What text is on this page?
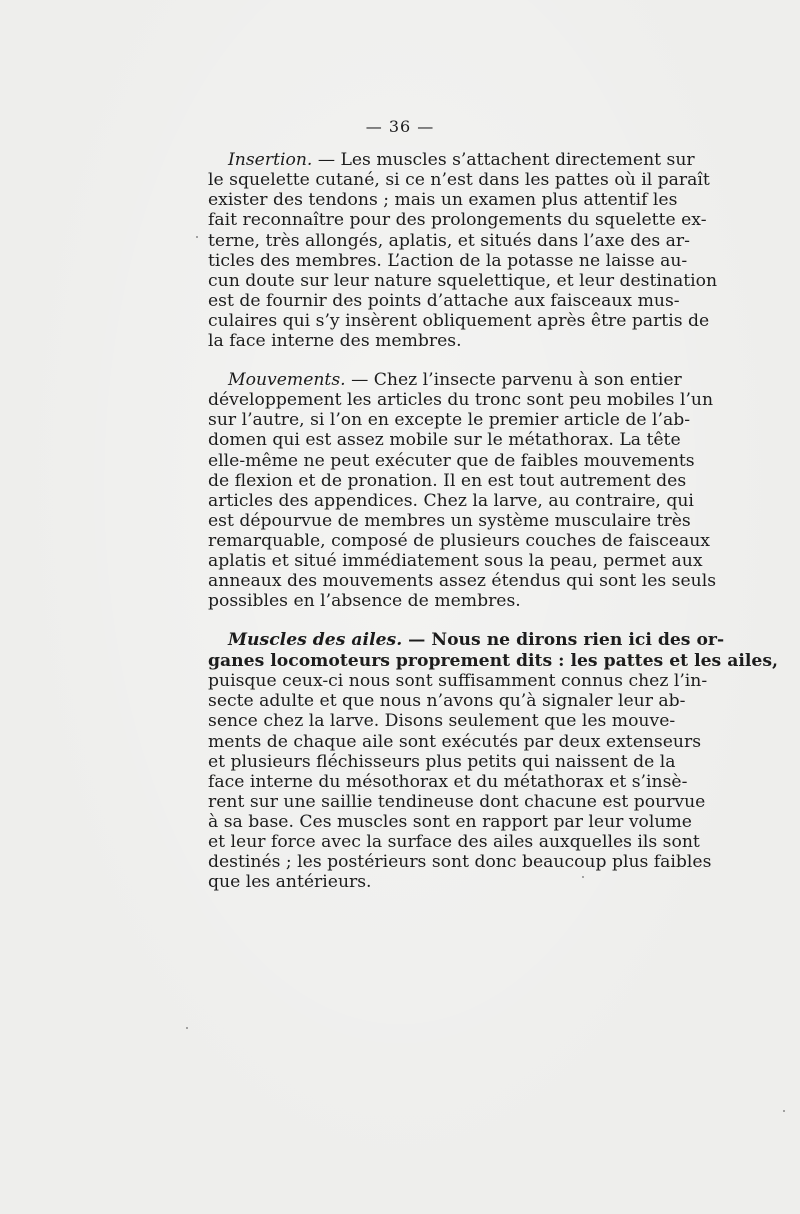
— 36 —
Insertion. — Les muscles s’attachent directement sur
le squelette cutané, si ce n’est dans les pattes où il paraît
exister des tendons ; mais un examen plus attentif les
fait reconnaître pour des prolongements du squelette ex-
terne, très allongés, aplatis, et situés dans l’axe des ar-
ticles des membres. L’action de la potasse ne laisse au-
cun doute sur leur nature squelettique, et leur destination
est de fournir des points d’attache aux faisceaux mus-
culaires qui s’y insèrent obliquement après être partis de
la face interne des membres.
Mouvements. — Chez l’insecte parvenu à son entier
développement les articles du tronc sont peu mobiles l’un
sur l’autre, si l’on en excepte le premier article de l’ab-
domen qui est assez mobile sur le métathorax. La tête
elle-même ne peut exécuter que de faibles mouvements
de flexion et de pronation. Il en est tout autrement des
articles des appendices. Chez la larve, au contraire, qui
est dépourvue de membres un système musculaire très
remarquable, composé de plusieurs couches de faisceaux
aplatis et situé immédiatement sous la peau, permet aux
anneaux des mouvements assez étendus qui sont les seuls
possibles en l’absence de membres.
Muscles des ailes. — Nous ne dirons rien ici des or-
ganes locomoteurs proprement dits : les pattes et les ailes,
puisque ceux-ci nous sont suffisamment connus chez l’in-
secte adulte et que nous n’avons qu’à signaler leur ab-
sence chez la larve. Disons seulement que les mouve-
ments de chaque aile sont exécutés par deux extenseurs
et plusieurs fléchisseurs plus petits qui naissent de la
face interne du mésothorax et du métathorax et s’insè-
rent sur une saillie tendineuse dont chacune est pourvue
à sa base. Ces muscles sont en rapport par leur volume
et leur force avec la surface des ailes auxquelles ils sont
destinés ; les postérieurs sont donc beaucoup plus faibles
que les antérieurs.
